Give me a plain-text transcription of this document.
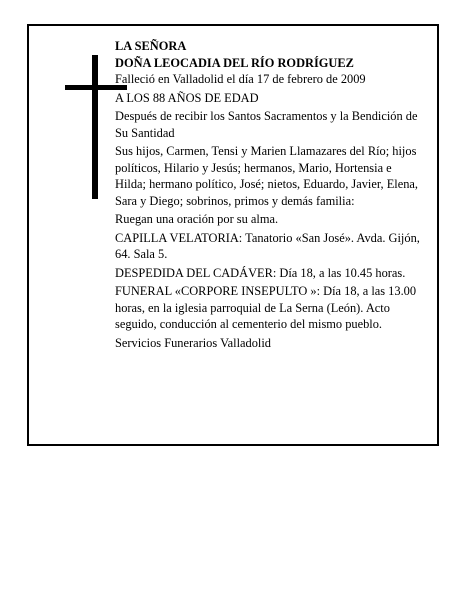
LA SEÑORA

DOÑA LEOCADIA DEL RÍO RODRÍGUEZ

Falleció en Valladolid el día 17 de febrero de 2009

A LOS 88 AÑOS DE EDAD

Después de recibir los Santos Sacramentos y la Bendición de Su Santidad

Sus hijos, Carmen, Tensi y Marien Llamazares del Río; hijos políticos, Hilario y Jesús; hermanos, Mario, Hortensia e Hilda; hermano político, José; nietos, Eduardo, Javier, Elena, Sara y Diego; sobrinos, primos y demás familia:

Ruegan una oración por su alma.

CAPILLA VELATORIA: Tanatorio «San José». Avda. Gijón, 64. Sala 5.

DESPEDIDA DEL CADÁVER: Día 18, a las 10.45 horas.

FUNERAL «CORPORE INSEPULTO »: Día 18, a las 13.00 horas, en la iglesia parroquial de La Serna (León). Acto seguido, conducción al cementerio del mismo pueblo.

Servicios Funerarios Valladolid
